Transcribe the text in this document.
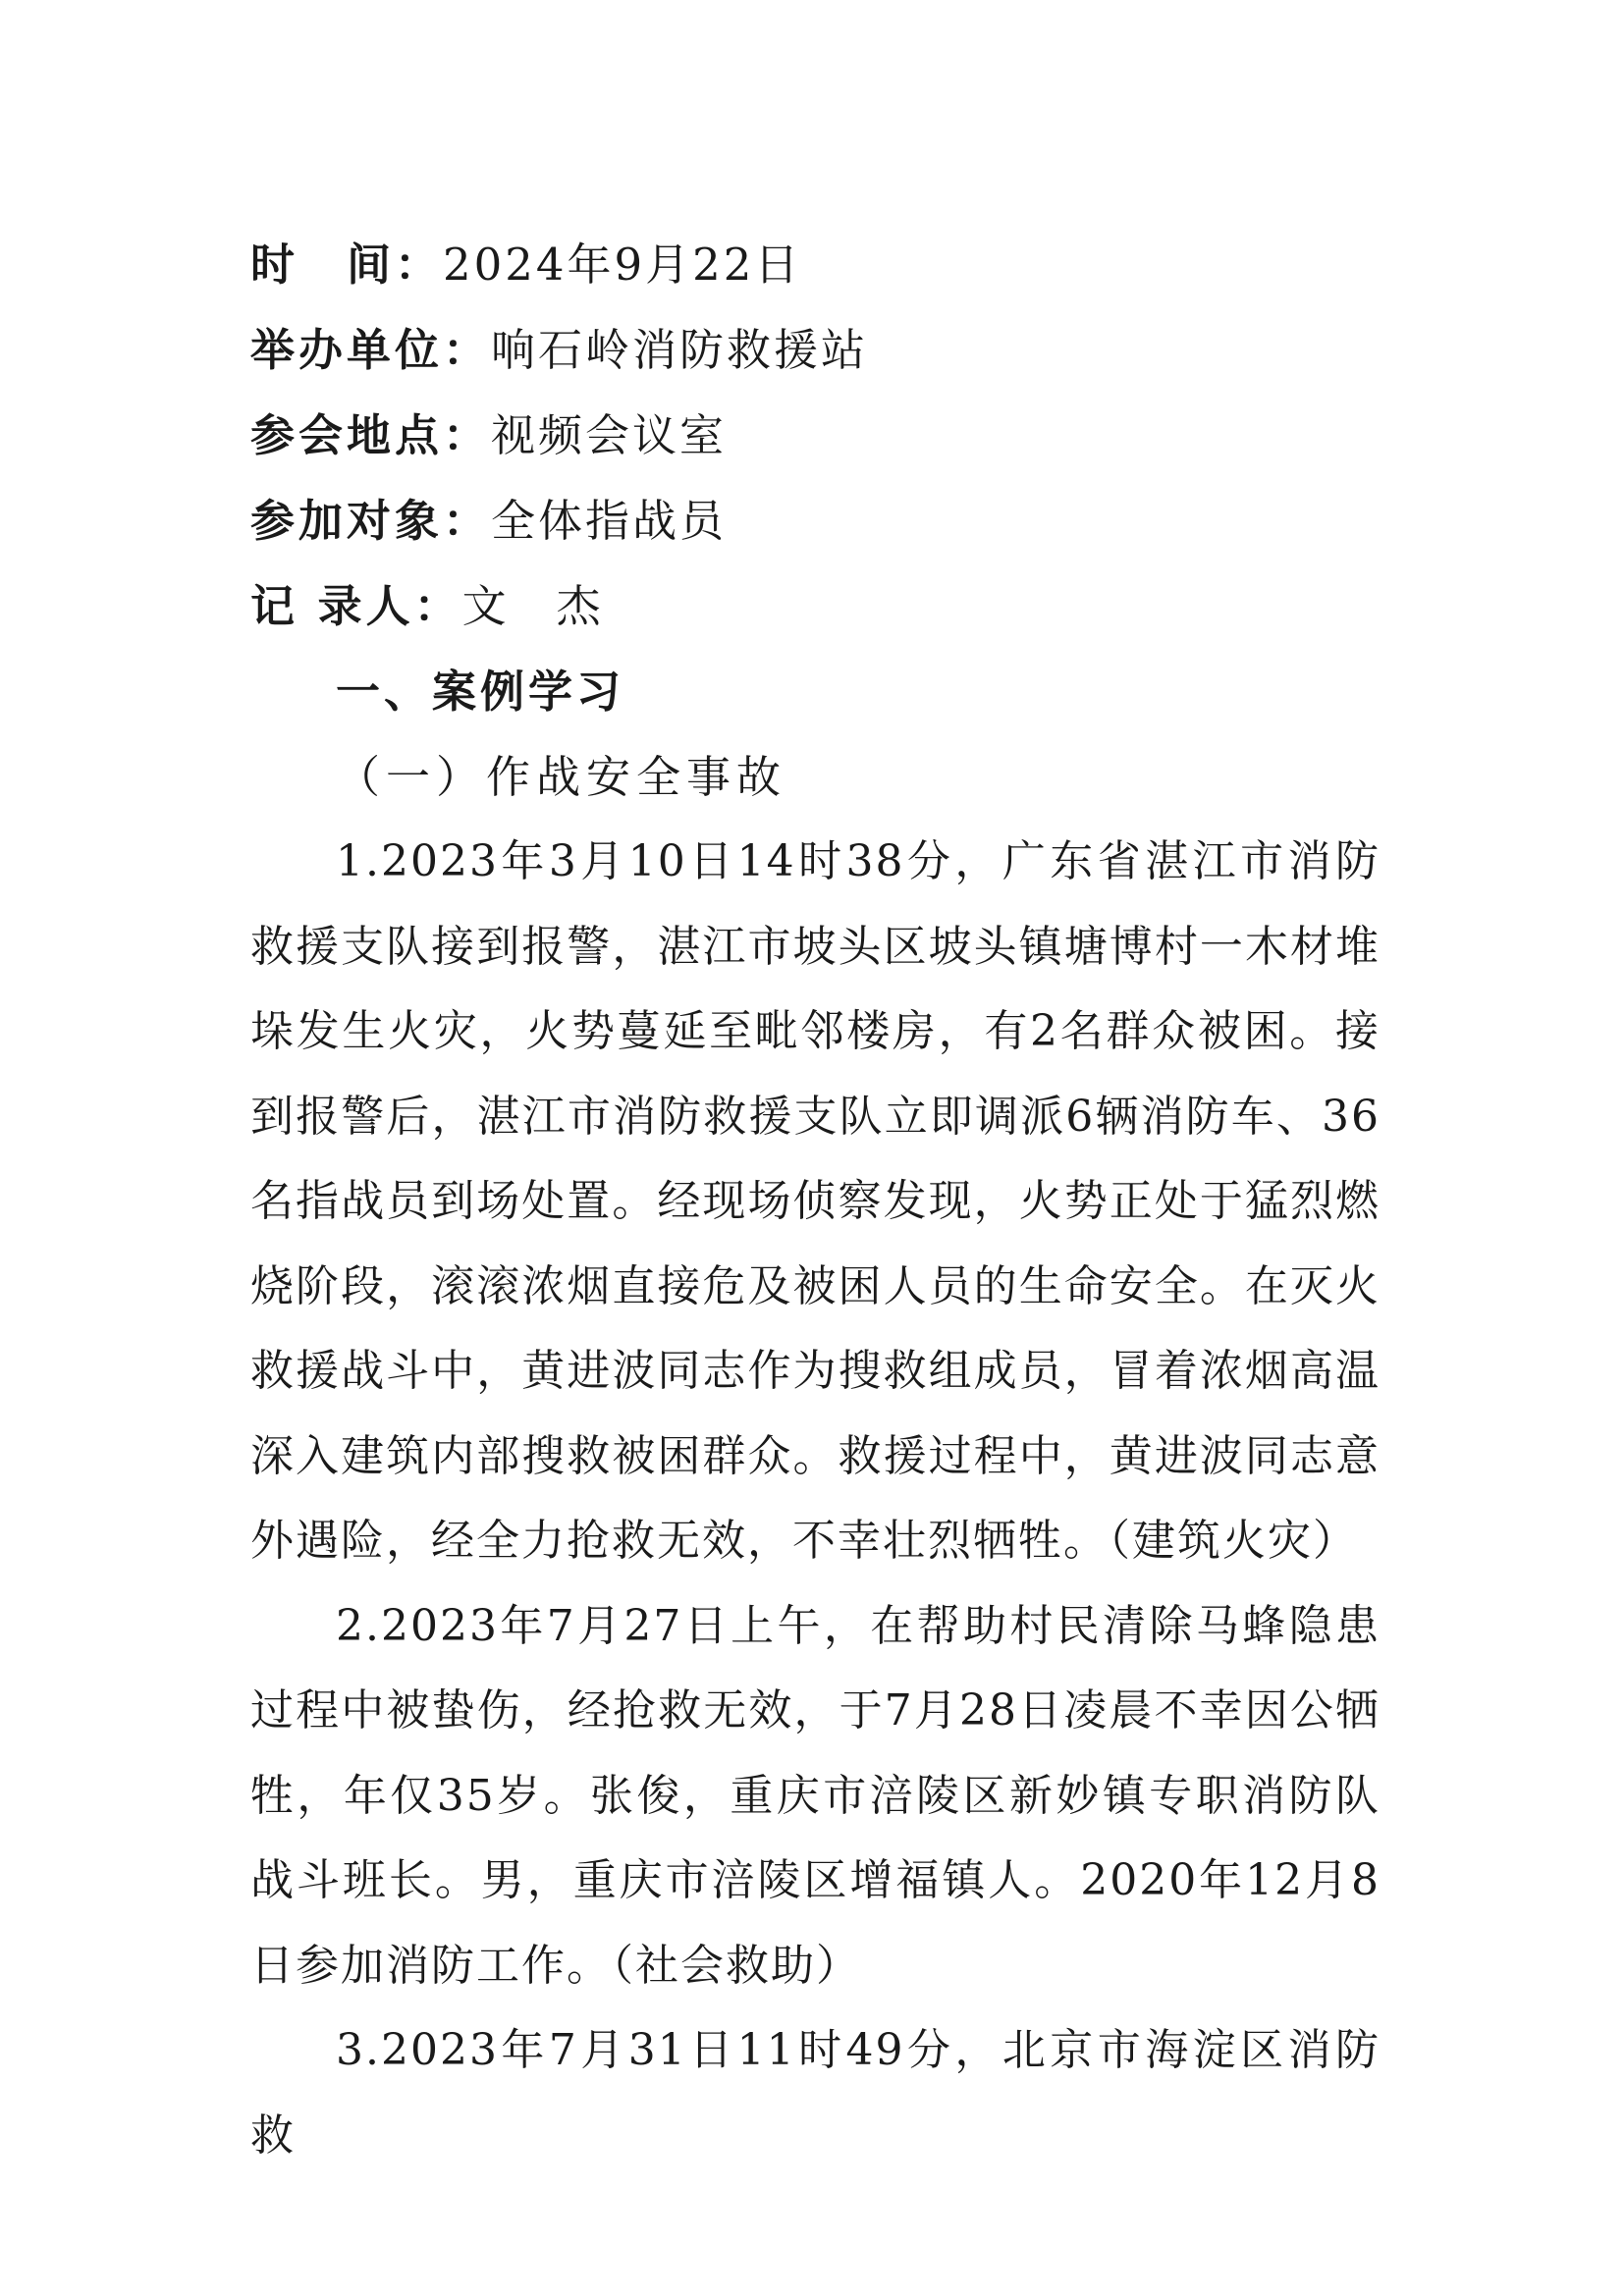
时　间：2024年9月22日
举办单位：响石岭消防救援站
参会地点：视频会议室
参加对象：全体指战员
记 录人：文　杰
一、案例学习
（一）作战安全事故

1.2023年3月10日14时38分，广东省湛江市消防救援支队接到报警，湛江市坡头区坡头镇塘博村一木材堆垛发生火灾，火势蔓延至毗邻楼房，有2名群众被困。接到报警后，湛江市消防救援支队立即调派6辆消防车、36名指战员到场处置。经现场侦察发现，火势正处于猛烈燃烧阶段，滚滚浓烟直接危及被困人员的生命安全。在灭火救援战斗中，黄进波同志作为搜救组成员，冒着浓烟高温深入建筑内部搜救被困群众。救援过程中，黄进波同志意外遇险，经全力抢救无效，不幸壮烈牺牲。（建筑火灾）

2.2023年7月27日上午，在帮助村民清除马蜂隐患过程中被蛰伤，经抢救无效，于7月28日凌晨不幸因公牺牲，年仅35岁。张俊，重庆市涪陵区新妙镇专职消防队战斗班长。男，重庆市涪陵区增福镇人。2020年12月8日参加消防工作。（社会救助）

3.2023年7月31日11时49分，北京市海淀区消防救
